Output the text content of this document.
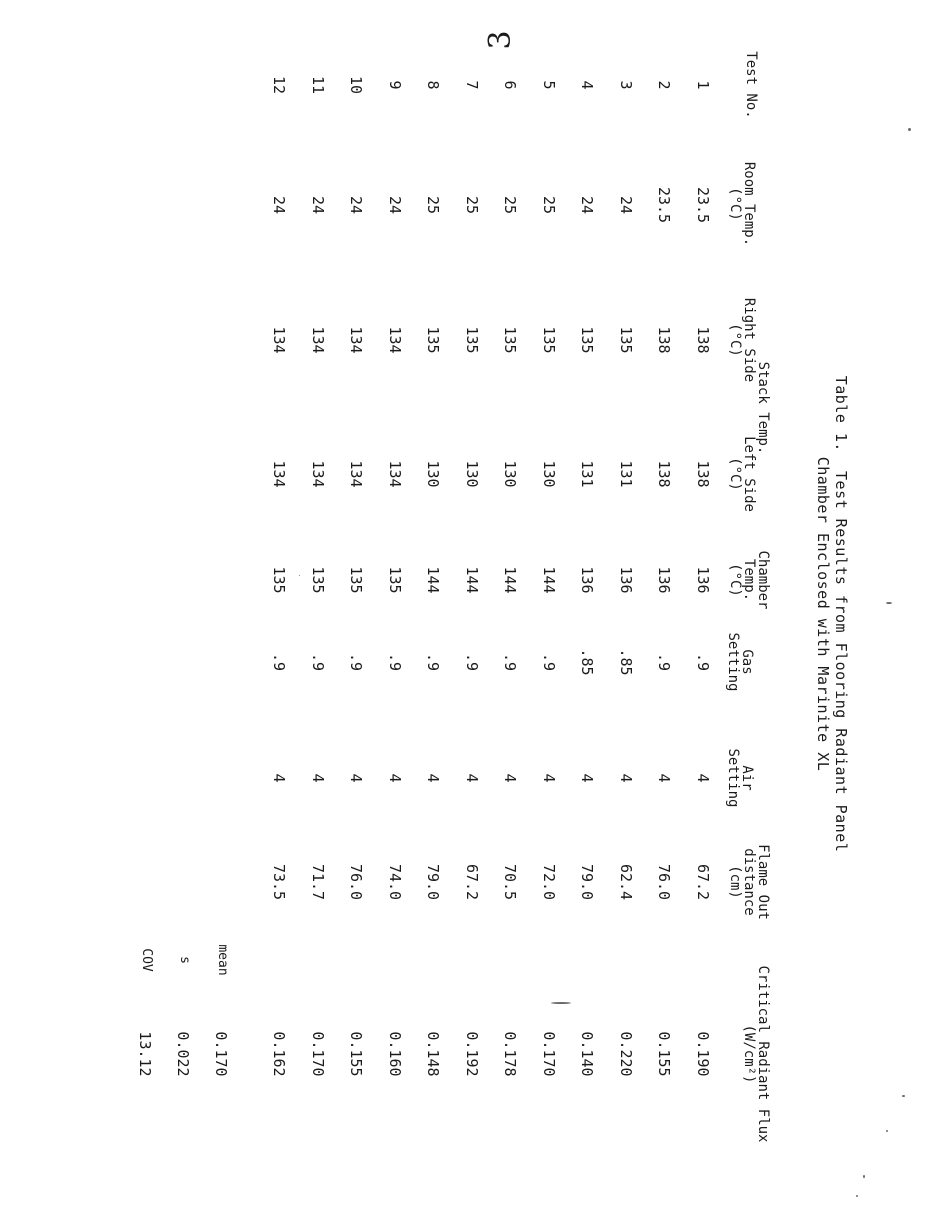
3
Table 1.  Test Results from Flooring Radiant Panel
Chamber Enclosed with Marinite XL
Test No.
Room Temp.
(°C)
Stack Temp.
Right Side
(°C)
Left Side
(°C)
Chamber
Temp.
(°C)
Gas
Setting
Air
Setting
Flame Out
distance
(cm)
Critical Radiant Flux
(W/cm²)
1
23.5
138
138
136
.9
4
67.2
0.190
2
23.5
138
138
136
.9
4
76.0
0.155
3
24
135
131
136
.85
4
62.4
0.220
4
24
135
131
136
.85
4
79.0
0.140
5
25
135
130
144
.9
4
72.0
0.170
6
25
135
130
144
.9
4
70.5
0.178
7
25
135
130
144
.9
4
67.2
0.192
8
25
135
130
144
.9
4
79.0
0.148
9
24
134
134
135
.9
4
74.0
0.160
10
24
134
134
135
.9
4
76.0
0.155
11
24
134
134
135
.9
4
71.7
0.170
12
24
134
134
135
.9
4
73.5
0.162
mean
0.170
s
0.022
COV
13.12
